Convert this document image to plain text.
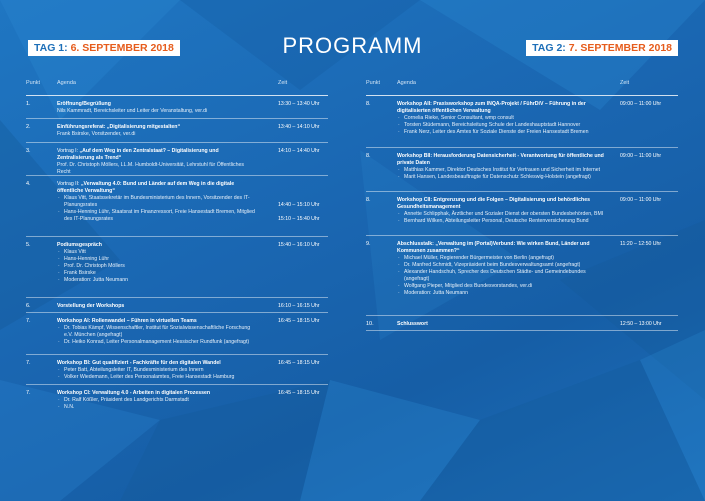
TAG 1: 6. SEPTEMBER 2018	PROGRAMM	TAG 2: 7. SEPTEMBER 2018
Punkt	Agenda	Zeit
1.	Eröffnung/Begrüßung
Nils Kammradt, Bereichsleiter und Leiter der Veranstaltung, ver.di
13:30 – 13:40 Uhr
2.	Einführungsreferat: „Digitalisierung mitgestalten“
Frank Bsirske, Vorsitzender, ver.di
13:40 – 14:10 Uhr
3.	Vortrag I: „Auf dem Weg in den Zentralstaat? – Digitalisierung und Zentralisierung als Trend“
Prof. Dr. Christoph Möllers, LL.M. Humboldt-Universität, Lehrstuhl für Öffentliches Recht
14:10 – 14:40 Uhr
4.	Vortrag II: „Verwaltung 4.0: Bund und Länder auf dem Weg in die digitale öffentliche Verwaltung“
· Klaus Vitt, Staatssekretär im Bundesministerium des Innern, Vorsitzender des IT-Planungsrates
· Hans-Henning Lühr, Staatsrat im Finanzressort, Freie Hansestadt Bremen, Mitglied des IT-Planungsrates
14:40 – 15:10 Uhr
15:10 – 15:40 Uhr
5.	Podiumsgespräch
· Klaus Vitt
· Hans-Henning Lühr
· Prof. Dr. Christoph Möllers
· Frank Bsirske
· Moderation: Jutta Neumann
15:40 – 16:10 Uhr
6.	Vorstellung der Workshops	16:10 – 16:15 Uhr
7.	Workshop AI: Rollenwandel – Führen in virtuellen Teams
· Dr. Tobias Kämpf, Wissenschaftler, Institut für Sozialwissenschaftliche Forschung e.V. München (angefragt)
· Dr. Heiko Konrad, Leiter Personalmanagement Hessischer Rundfunk (angefragt)
16:45 – 18:15 Uhr
7.	Workshop BI: Gut qualifiziert - Fachkräfte für den digitalen Wandel
· Peter Batt, Abteilungsleiter IT, Bundesministerium des Innern
· Volker Wiedemann, Leiter des Personalamtes, Freie Hansestadt Hamburg
16:45 – 18:15 Uhr
7.	Workshop CI: Verwaltung 4.0 - Arbeiten in digitalen Prozessen
· Dr. Ralf Kößler, Präsident des Landgerichts Darmstadt
· N.N.
16:45 – 18:15 Uhr
Punkt	Agenda	Zeit
8.	Workshop AII: Praxisworkshop zum INQA-Projekt / FührDiV – Führung in der digitalisierten öffentlichen Verwaltung
· Cornelia Rieke, Senior Consultant, wmp consult
· Torsten Stüdemann, Bereichsleitung Schule der Landeshauptstadt Hannover
· Frank Nerz, Leiter des Amtes für Soziale Dienste der Freien Hansestadt Bremen
09:00 – 11:00 Uhr
8.	Workshop BII: Herausforderung Datensicherheit - Verantwortung für öffentliche und private Daten
· Matthias Kammer, Direktor Deutsches Institut für Vertrauen und Sicherheit im Internet
· Marit Hansen, Landesbeauftragte für Datenschutz Schleswig-Holstein (angefragt)
09:00 – 11:00 Uhr
8.	Workshop CII: Entgrenzung und die Folgen – Digitalisierung und behördliches Gesundheitsmanagement
· Annette Schlipphak, Ärztlicher und Sozialer Dienst der obersten Bundesbehörden, BMI
· Bernhard Wilken, Abteilungsleiter Personal, Deutsche Rentenversicherung Bund
09:00 – 11:00 Uhr
9.	Abschlusstalk: „Verwaltung im (Portal)Verbund: Wie wirken Bund, Länder und Kommunen zusammen?“
· Michael Müller, Regierender Bürgermeister von Berlin (angefragt)
· Dr. Manfred Schmidt, Vizepräsident beim Bundesverwaltungsamt (angefragt)
· Alexander Handschuh, Sprecher des Deutschen Städte- und Gemeindebundes (angefragt)
· Wolfgang Pieper, Mitglied des Bundesvorstandes, ver.di
· Moderation: Jutta Neumann
11:20 – 12:50 Uhr
10.	Schlusswort	12:50 – 13:00 Uhr
